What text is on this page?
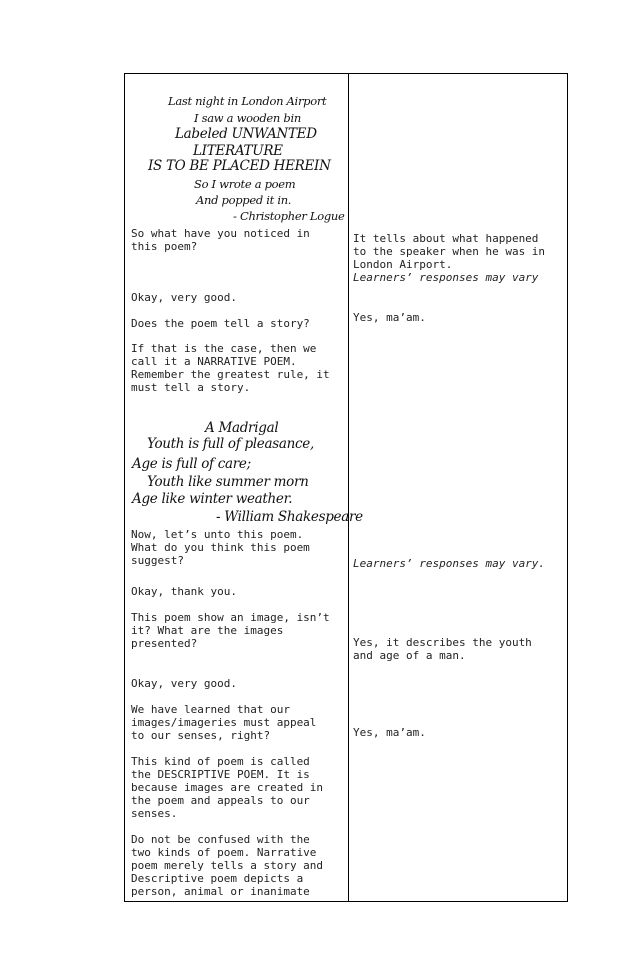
Last night in London Airport
I saw a wooden bin
Labeled UNWANTED
LITERATURE
IS TO BE PLACED HEREIN
So I wrote a poem
And popped it in.
- Christopher Logue
So what have you noticed in
this poem?
Okay, very good.
Does the poem tell a story?
If that is the case, then we
call it a NARRATIVE POEM.
Remember the greatest rule, it
must tell a story.
A Madrigal
Youth is full of pleasance,
Age is full of care;
Youth like summer morn
Age like winter weather.
- William Shakespeare
Now, let’s unto this poem.
What do you think this poem
suggest?
Okay, thank you.
This poem show an image, isn’t
it? What are the images
presented?
Okay, very good.
We have learned that our
images/imageries must appeal
to our senses, right?
This kind of poem is called
the DESCRIPTIVE POEM. It is
because images are created in
the poem and appeals to our
senses.
Do not be confused with the
two kinds of poem. Narrative
poem merely tells a story and
Descriptive poem depicts a
person, animal or inanimate
It tells about what happened
to the speaker when he was in
London Airport.
Learners’ responses may vary
Yes, ma’am.
Learners’ responses may vary.
Yes, it describes the youth
and age of a man.
Yes, ma’am.
